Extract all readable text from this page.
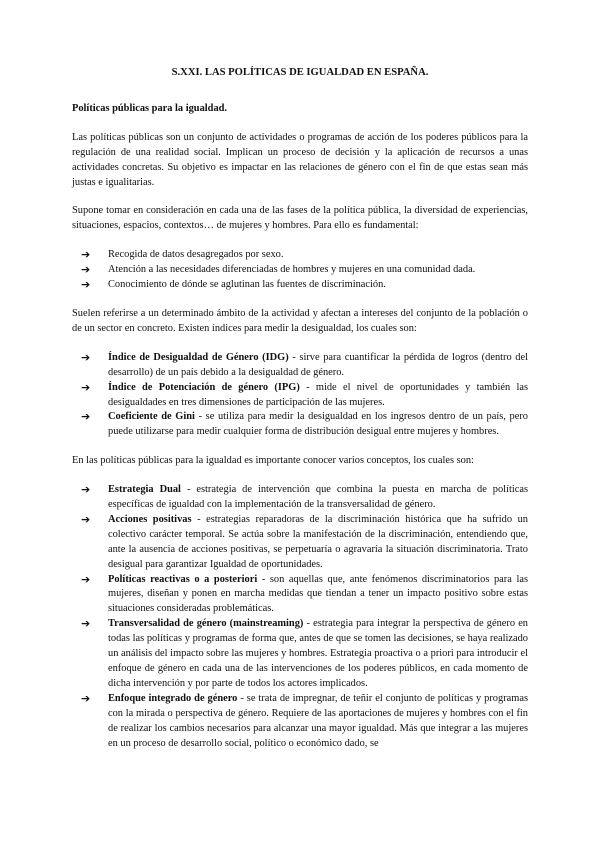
S.XXI. LAS POLÍTICAS DE IGUALDAD EN ESPAÑA.
Políticas públicas para la igualdad.

Las políticas públicas son un conjunto de actividades o programas de acción de los poderes públicos para la regulación de una realidad social. Implican un proceso de decisión y la aplicación de recursos a unas actividades concretas. Su objetivo es impactar en las relaciones de género con el fin de que estas sean más justas e igualitarias.

Supone tomar en consideración en cada una de las fases de la política pública, la diversidad de experiencias, situaciones, espacios, contextos… de mujeres y hombres. Para ello es fundamental:

➔ Recogida de datos desagregados por sexo.
➔ Atención a las necesidades diferenciadas de hombres y mujeres en una comunidad dada.
➔ Conocimiento de dónde se aglutinan las fuentes de discriminación.

Suelen referirse a un determinado ámbito de la actividad y afectan a intereses del conjunto de la población o de un sector en concreto. Existen índices para medir la desigualdad, los cuales son:

➔ Índice de Desigualdad de Género (IDG) - sirve para cuantificar la pérdida de logros (dentro del desarrollo) de un país debido a la desigualdad de género.
➔ Índice de Potenciación de género (IPG) - mide el nivel de oportunidades y también las desigualdades en tres dimensiones de participación de las mujeres.
➔ Coeficiente de Gini - se utiliza para medir la desigualdad en los ingresos dentro de un país, pero puede utilizarse para medir cualquier forma de distribución desigual entre mujeres y hombres.

En las políticas públicas para la igualdad es importante conocer varios conceptos, los cuales son:

➔ Estrategia Dual - estrategia de intervención que combina la puesta en marcha de políticas específicas de igualdad con la implementación de la transversalidad de género.
➔ Acciones positivas - estrategias reparadoras de la discriminación histórica que ha sufrido un colectivo carácter temporal. Se actúa sobre la manifestación de la discriminación, entendiendo que, ante la ausencia de acciones positivas, se perpetuaría o agravaría la situación discriminatoria. Trato desigual para garantizar Igualdad de oportunidades.
➔ Políticas reactivas o a posteriori - son aquellas que, ante fenómenos discriminatorios para las mujeres, diseñan y ponen en marcha medidas que tiendan a tener un impacto positivo sobre estas situaciones consideradas problemáticas.
➔ Transversalidad de género (mainstreaming) - estrategia para integrar la perspectiva de género en todas las políticas y programas de forma que, antes de que se tomen las decisiones, se haya realizado un análisis del impacto sobre las mujeres y hombres. Estrategia proactiva o a priori para introducir el enfoque de género en cada una de las intervenciones de los poderes públicos, en cada momento de dicha intervención y por parte de todos los actores implicados.
➔ Enfoque integrado de género - se trata de impregnar, de teñir el conjunto de políticas y programas con la mirada o perspectiva de género. Requiere de las aportaciones de mujeres y hombres con el fin de realizar los cambios necesarios para alcanzar una mayor igualdad. Más que integrar a las mujeres en un proceso de desarrollo social, político o económico dado, se
